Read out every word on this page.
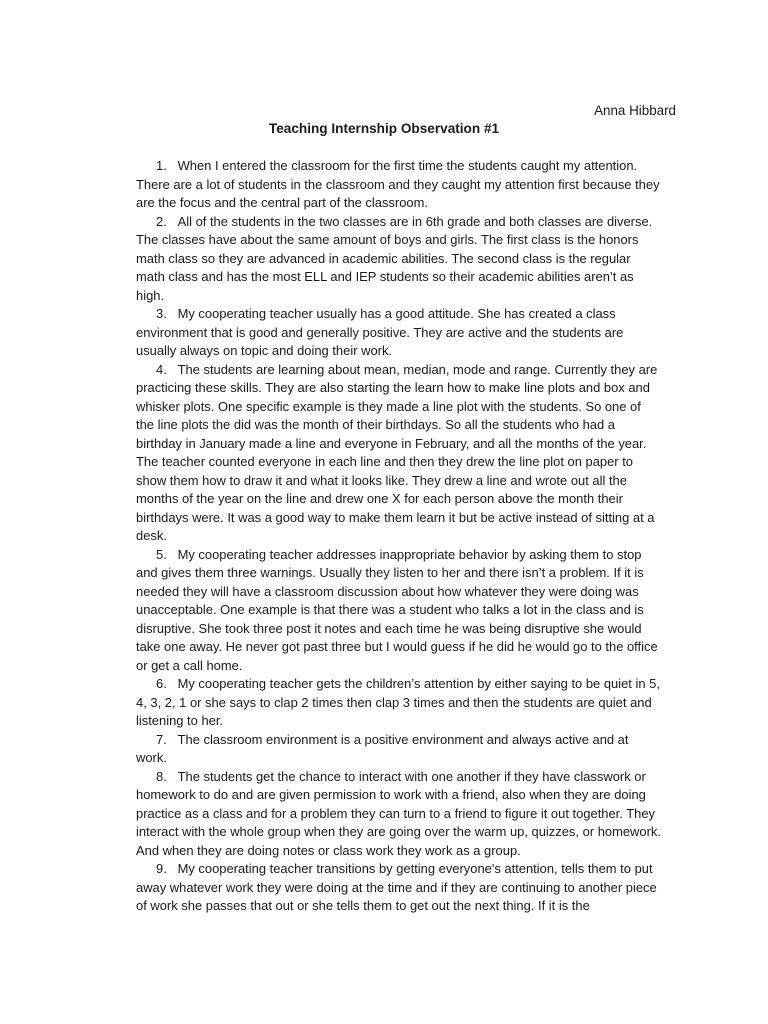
Anna Hibbard
Teaching Internship Observation #1

1. When I entered the classroom for the first time the students caught my attention. There are a lot of students in the classroom and they caught my attention first because they are the focus and the central part of the classroom.

2. All of the students in the two classes are in 6th grade and both classes are diverse. The classes have about the same amount of boys and girls. The first class is the honors math class so they are advanced in academic abilities. The second class is the regular math class and has the most ELL and IEP students so their academic abilities aren’t as high.

3. My cooperating teacher usually has a good attitude. She has created a class environment that is good and generally positive. They are active and the students are usually always on topic and doing their work.

4. The students are learning about mean, median, mode and range. Currently they are practicing these skills. They are also starting the learn how to make line plots and box and whisker plots. One specific example is they made a line plot with the students. So one of the line plots the did was the month of their birthdays. So all the students who had a birthday in January made a line and everyone in February, and all the months of the year. The teacher counted everyone in each line and then they drew the line plot on paper to show them how to draw it and what it looks like. They drew a line and wrote out all the months of the year on the line and drew one X for each person above the month their birthdays were. It was a good way to make them learn it but be active instead of sitting at a desk.

5. My cooperating teacher addresses inappropriate behavior by asking them to stop and gives them three warnings. Usually they listen to her and there isn’t a problem. If it is needed they will have a classroom discussion about how whatever they were doing was unacceptable. One example is that there was a student who talks a lot in the class and is disruptive. She took three post it notes and each time he was being disruptive she would take one away. He never got past three but I would guess if he did he would go to the office or get a call home.

6. My cooperating teacher gets the children’s attention by either saying to be quiet in 5, 4, 3, 2, 1 or she says to clap 2 times then clap 3 times and then the students are quiet and listening to her.

7. The classroom environment is a positive environment and always active and at work.

8. The students get the chance to interact with one another if they have classwork or homework to do and are given permission to work with a friend, also when they are doing practice as a class and for a problem they can turn to a friend to figure it out together. They interact with the whole group when they are going over the warm up, quizzes, or homework. And when they are doing notes or class work they work as a group.

9. My cooperating teacher transitions by getting everyone's attention, tells them to put away whatever work they were doing at the time and if they are continuing to another piece of work she passes that out or she tells them to get out the next thing. If it is the
